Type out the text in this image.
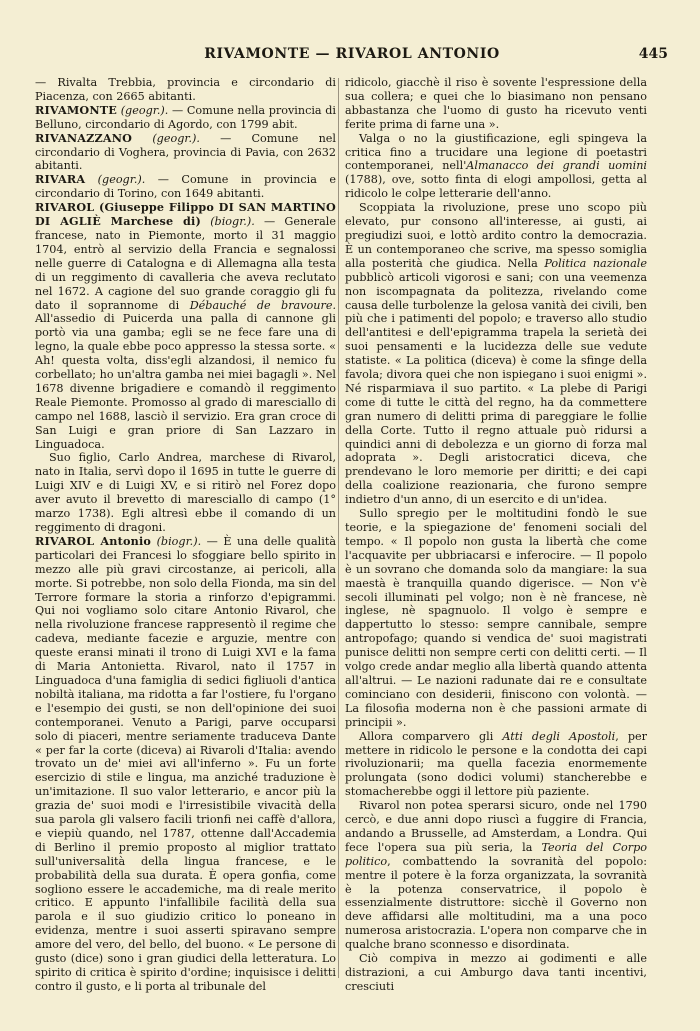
RIVAMONTE — RIVAROL ANTONIO	445

— Rivalta Trebbia, provincia e circondario di Piacenza, con 2665 abitanti.

RIVAMONTE (geogr.). — Comune nella provincia di Belluno, circondario di Agordo, con 1799 abit.

RIVANAZZANO (geogr.). — Comune nel circondario di Voghera, provincia di Pavia, con 2632 abitanti.

RIVARA (geogr.). — Comune in provincia e circondario di Torino, con 1649 abitanti.

RIVAROL (Giuseppe Filippo DI SAN MARTINO DI AGLIÈ Marchese di) (biogr.). — Generale francese, nato in Piemonte, morto il 31 maggio 1704, entrò al servizio della Francia e segnalossi nelle guerre di Catalogna e di Allemagna alla testa di un reggimento di cavalleria che aveva reclutato nel 1672. A cagione del suo grande coraggio gli fu dato il soprannome di Débauché de bravoure. All'assedio di Puicerda una palla di cannone gli portò via una gamba; egli se ne fece fare una di legno, la quale ebbe poco appresso la stessa sorte. « Ah! questa volta, diss'egli alzandosi, il nemico fu corbellato; ho un'altra gamba nei miei bagagli ». Nel 1678 divenne brigadiere e comandò il reggimento Reale Piemonte. Promosso al grado di maresciallo di campo nel 1688, lasciò il servizio. Era gran croce di San Luigi e gran priore di San Lazzaro in Linguadoca.

Suo figlio, Carlo Andrea, marchese di Rivarol, nato in Italia, servì dopo il 1695 in tutte le guerre di Luigi XIV e di Luigi XV, e si ritirò nel Forez dopo aver avuto il brevetto di maresciallo di campo (1° marzo 1738). Egli altresì ebbe il comando di un reggimento di dragoni.

RIVAROL Antonio (biogr.). — È una delle qualità particolari dei Francesi lo sfoggiare bello spirito in mezzo alle più gravi circostanze, ai pericoli, alla morte. Si potrebbe, non solo della Fionda, ma sin del Terrore formare la storia a rinforzo d'epigrammi. Qui noi vogliamo solo citare Antonio Rivarol, che nella rivoluzione francese rappresentò il regime che cadeva, mediante facezie e arguzie, mentre con queste eransi minati il trono di Luigi XVI e la fama di Maria Antonietta. Rivarol, nato il 1757 in Linguadoca d'una famiglia di sedici figliuoli d'antica nobiltà italiana, ma ridotta a far l'ostiere, fu l'organo e l'esempio dei gusti, se non dell'opinione dei suoi contemporanei. Venuto a Parigi, parve occuparsi solo di piaceri, mentre seriamente traduceva Dante « per far la corte (diceva) ai Rivaroli d'Italia: avendo trovato un de' miei avi all'inferno ». Fu un forte esercizio di stile e lingua, ma anziché traduzione è un'imitazione. Il suo valor letterario, e ancor più la grazia de' suoi modi e l'irresistibile vivacità della sua parola gli valsero facili trionfi nei caffè d'allora, e viepiù quando, nel 1787, ottenne dall'Accademia di Berlino il premio proposto al miglior trattato sull'universalità della lingua francese, e le probabilità della sua durata. È opera gonfia, come sogliono essere le accademiche, ma di reale merito critico. E appunto l'infallibile facilità della sua parola e il suo giudizio critico lo poneano in evidenza, mentre i suoi asserti spiravano sempre amore del vero, del bello, del buono. « Le persone di gusto (dice) sono i gran giudici della letteratura. Lo spirito di critica è spirito d'ordine; inquisisce i delitti contro il gusto, e li porta al tribunale del

ridicolo, giacchè il riso è sovente l'espressione della sua collera; e quei che lo biasimano non pensano abbastanza che l'uomo di gusto ha ricevuto venti ferite prima di farne una ».

Valga o no la giustificazione, egli spingeva la critica fino a trucidare una legione di poetastri contemporanei, nell'Almanacco dei grandi uomini (1788), ove, sotto finta di elogi ampollosi, getta al ridicolo le colpe letterarie dell'anno.

Scoppiata la rivoluzione, prese uno scopo più elevato, pur consono all'interesse, ai gusti, ai pregiudizi suoi, e lottò ardito contro la democrazia. È un contemporaneo che scrive, ma spesso somiglia alla posterità che giudica. Nella Politica nazionale pubblicò articoli vigorosi e sani; con una veemenza non iscompagnata da politezza, rivelando come causa delle turbolenze la gelosa vanità dei civili, ben più che i patimenti del popolo; e traverso allo studio dell'antitesi e dell'epigramma trapela la serietà dei suoi pensamenti e la lucidezza delle sue vedute statiste. « La politica (diceva) è come la sfinge della favola; divora quei che non ispiegano i suoi enigmi ». Né risparmiava il suo partito. « La plebe di Parigi come di tutte le città del regno, ha da commettere gran numero di delitti prima di pareggiare le follie della Corte. Tutto il regno attuale può ridursi a quindici anni di debolezza e un giorno di forza mal adoprata ». Degli aristocratici diceva, che prendevano le loro memorie per diritti; e dei capi della coalizione reazionaria, che furono sempre indietro d'un anno, di un esercito e di un'idea.

Sullo spregio per le moltitudini fondò le sue teorie, e la spiegazione de' fenomeni sociali del tempo. « Il popolo non gusta la libertà che come l'acquavite per ubbriacarsi e inferocire. — Il popolo è un sovrano che domanda solo da mangiare: la sua maestà è tranquilla quando digerisce. — Non v'è secoli illuminati pel volgo; non è nè francese, nè inglese, nè spagnuolo. Il volgo è sempre e dappertutto lo stesso: sempre cannibale, sempre antropofago; quando si vendica de' suoi magistrati punisce delitti non sempre certi con delitti certi. — Il volgo crede andar meglio alla libertà quando attenta all'altrui. — Le nazioni radunate dai re e consultate cominciano con desiderii, finiscono con volontà. — La filosofia moderna non è che passioni armate di principii ».

Allora comparvero gli Atti degli Apostoli, per mettere in ridicolo le persone e la condotta dei capi rivoluzionarii; ma quella facezia enormemente prolungata (sono dodici volumi) stancherebbe e stomacherebbe oggi il lettore più paziente.

Rivarol non potea sperarsi sicuro, onde nel 1790 cercò, e due anni dopo riuscì a fuggire di Francia, andando a Brusselle, ad Amsterdam, a Londra. Qui fece l'opera sua più seria, la Teoria del Corpo politico, combattendo la sovranità del popolo: mentre il potere è la forza organizzata, la sovranità è la potenza conservatrice, il popolo è essenzialmente distruttore: sicchè il Governo non deve affidarsi alle moltitudini, ma a una poco numerosa aristocrazia. L'opera non comparve che in qualche brano sconnesso e disordinata.

Ciò compiva in mezzo ai godimenti e alle distrazioni, a cui Amburgo dava tanti incentivi, cresciuti
